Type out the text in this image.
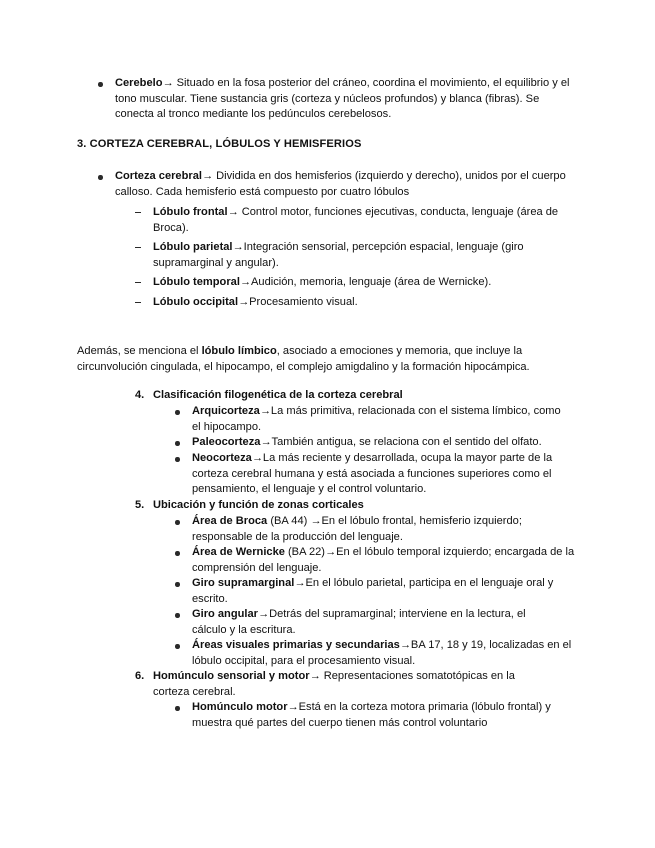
Cerebelo→ Situado en la fosa posterior del cráneo, coordina el movimiento, el equilibrio y el tono muscular. Tiene sustancia gris (corteza y núcleos profundos) y blanca (fibras). Se conecta al tronco mediante los pedúnculos cerebelosos.
3. CORTEZA CEREBRAL, LÓBULOS Y HEMISFERIOS
Corteza cerebral→ Dividida en dos hemisferios (izquierdo y derecho), unidos por el cuerpo calloso. Cada hemisferio está compuesto por cuatro lóbulos
Lóbulo frontal→ Control motor, funciones ejecutivas, conducta, lenguaje (área de Broca).
Lóbulo parietal→Integración sensorial, percepción espacial, lenguaje (giro supramarginal y angular).
Lóbulo temporal→Audición, memoria, lenguaje (área de Wernicke).
Lóbulo occipital→Procesamiento visual.
Además, se menciona el lóbulo límbico, asociado a emociones y memoria, que incluye la circunvolución cingulada, el hipocampo, el complejo amigdalino y la formación hipocámpica.
4. Clasificación filogenética de la corteza cerebral
Arquicorteza→La más primitiva, relacionada con el sistema límbico, como el hipocampo.
Paleocorteza→También antigua, se relaciona con el sentido del olfato.
Neocorteza→La más reciente y desarrollada, ocupa la mayor parte de la corteza cerebral humana y está asociada a funciones superiores como el pensamiento, el lenguaje y el control voluntario.
5. Ubicación y función de zonas corticales
Área de Broca (BA 44) →En el lóbulo frontal, hemisferio izquierdo; responsable de la producción del lenguaje.
Área de Wernicke (BA 22)→En el lóbulo temporal izquierdo; encargada de la comprensión del lenguaje.
Giro supramarginal→En el lóbulo parietal, participa en el lenguaje oral y escrito.
Giro angular→Detrás del supramarginal; interviene en la lectura, el cálculo y la escritura.
Áreas visuales primarias y secundarias→BA 17, 18 y 19, localizadas en el lóbulo occipital, para el procesamiento visual.
6. Homúnculo sensorial y motor→ Representaciones somatotópicas en la corteza cerebral.
Homúnculo motor→Está en la corteza motora primaria (lóbulo frontal) y muestra qué partes del cuerpo tienen más control voluntario
